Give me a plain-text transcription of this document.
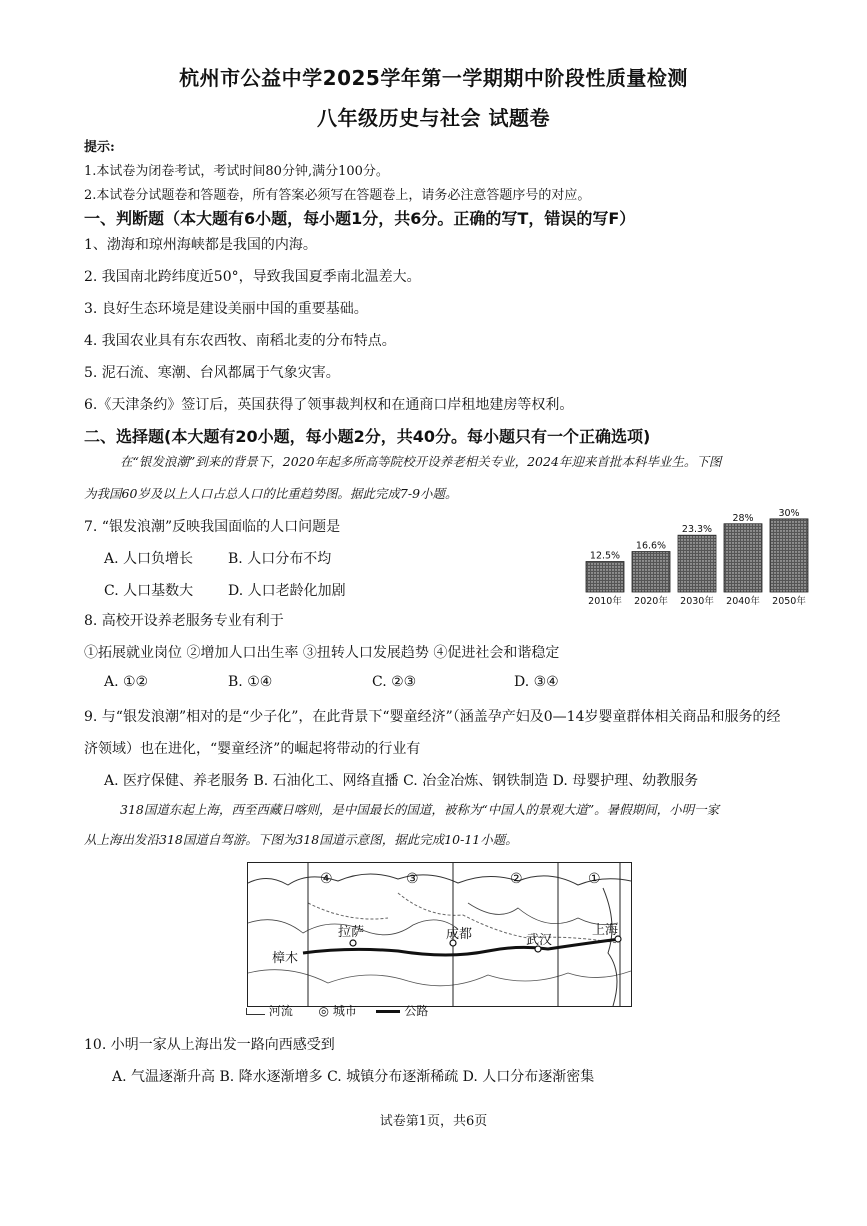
杭州市公益中学2025学年第一学期期中阶段性质量检测
八年级历史与社会 试题卷
提示:
1.本试卷为闭卷考试，考试时间80分钟,满分100分。
2.本试卷分试题卷和答题卷，所有答案必须写在答题卷上，请务必注意答题序号的对应。
一、判断题（本大题有6小题，每小题1分，共6分。正确的写T，错误的写F）
1、渤海和琼州海峡都是我国的内海。
2. 我国南北跨纬度近50°，导致我国夏季南北温差大。
3. 良好生态环境是建设美丽中国的重要基础。
4. 我国农业具有东农西牧、南稻北麦的分布特点。
5. 泥石流、寒潮、台风都属于气象灾害。
6.《天津条约》签订后，英国获得了领事裁判权和在通商口岸租地建房等权利。
二、选择题(本大题有20小题，每小题2分，共40分。每小题只有一个正确选项)
在“银发浪潮”到来的背景下，2020年起多所高等院校开设养老相关专业，2024年迎来首批本科毕业生。下图
为我国60岁及以上人口占总人口的比重趋势图。据此完成7-9小题。
7. “银发浪潮”反映我国面临的人口问题是
A. 人口负增长 B. 人口分布不均
C. 人口基数大 D. 人口老龄化加剧
12.5%
2010年
16.6%
2020年
23.3%
2030年
28%
2040年
30%
2050年
8. 高校开设养老服务专业有利于
①拓展就业岗位 ②增加人口出生率 ③扭转人口发展趋势 ④促进社会和谐稳定
A. ①②	B. ①④	C. ②③	D. ③④
9. 与“银发浪潮”相对的是“少子化”，在此背景下“婴童经济”（涵盖孕产妇及0—14岁婴童群体相关商品和服务的经
济领域）也在进化，“婴童经济”的崛起将带动的行业有
A. 医疗保健、养老服务 B. 石油化工、网络直播 C. 冶金冶炼、钢铁制造 D. 母婴护理、幼教服务
318国道东起上海，西至西藏日喀则，是中国最长的国道，被称为“中国人的景观大道”。暑假期间，小明一家
从上海出发沿318国道自驾游。下图为318国道示意图，据此完成10-11小题。
④	③	②	①
拉萨	成都	武汉
上海
樟木
河流 ◎ 城市	公路
10. 小明一家从上海出发一路向西感受到
A. 气温逐渐升高 B. 降水逐渐增多 C. 城镇分布逐渐稀疏 D. 人口分布逐渐密集
试卷第1页，共6页
